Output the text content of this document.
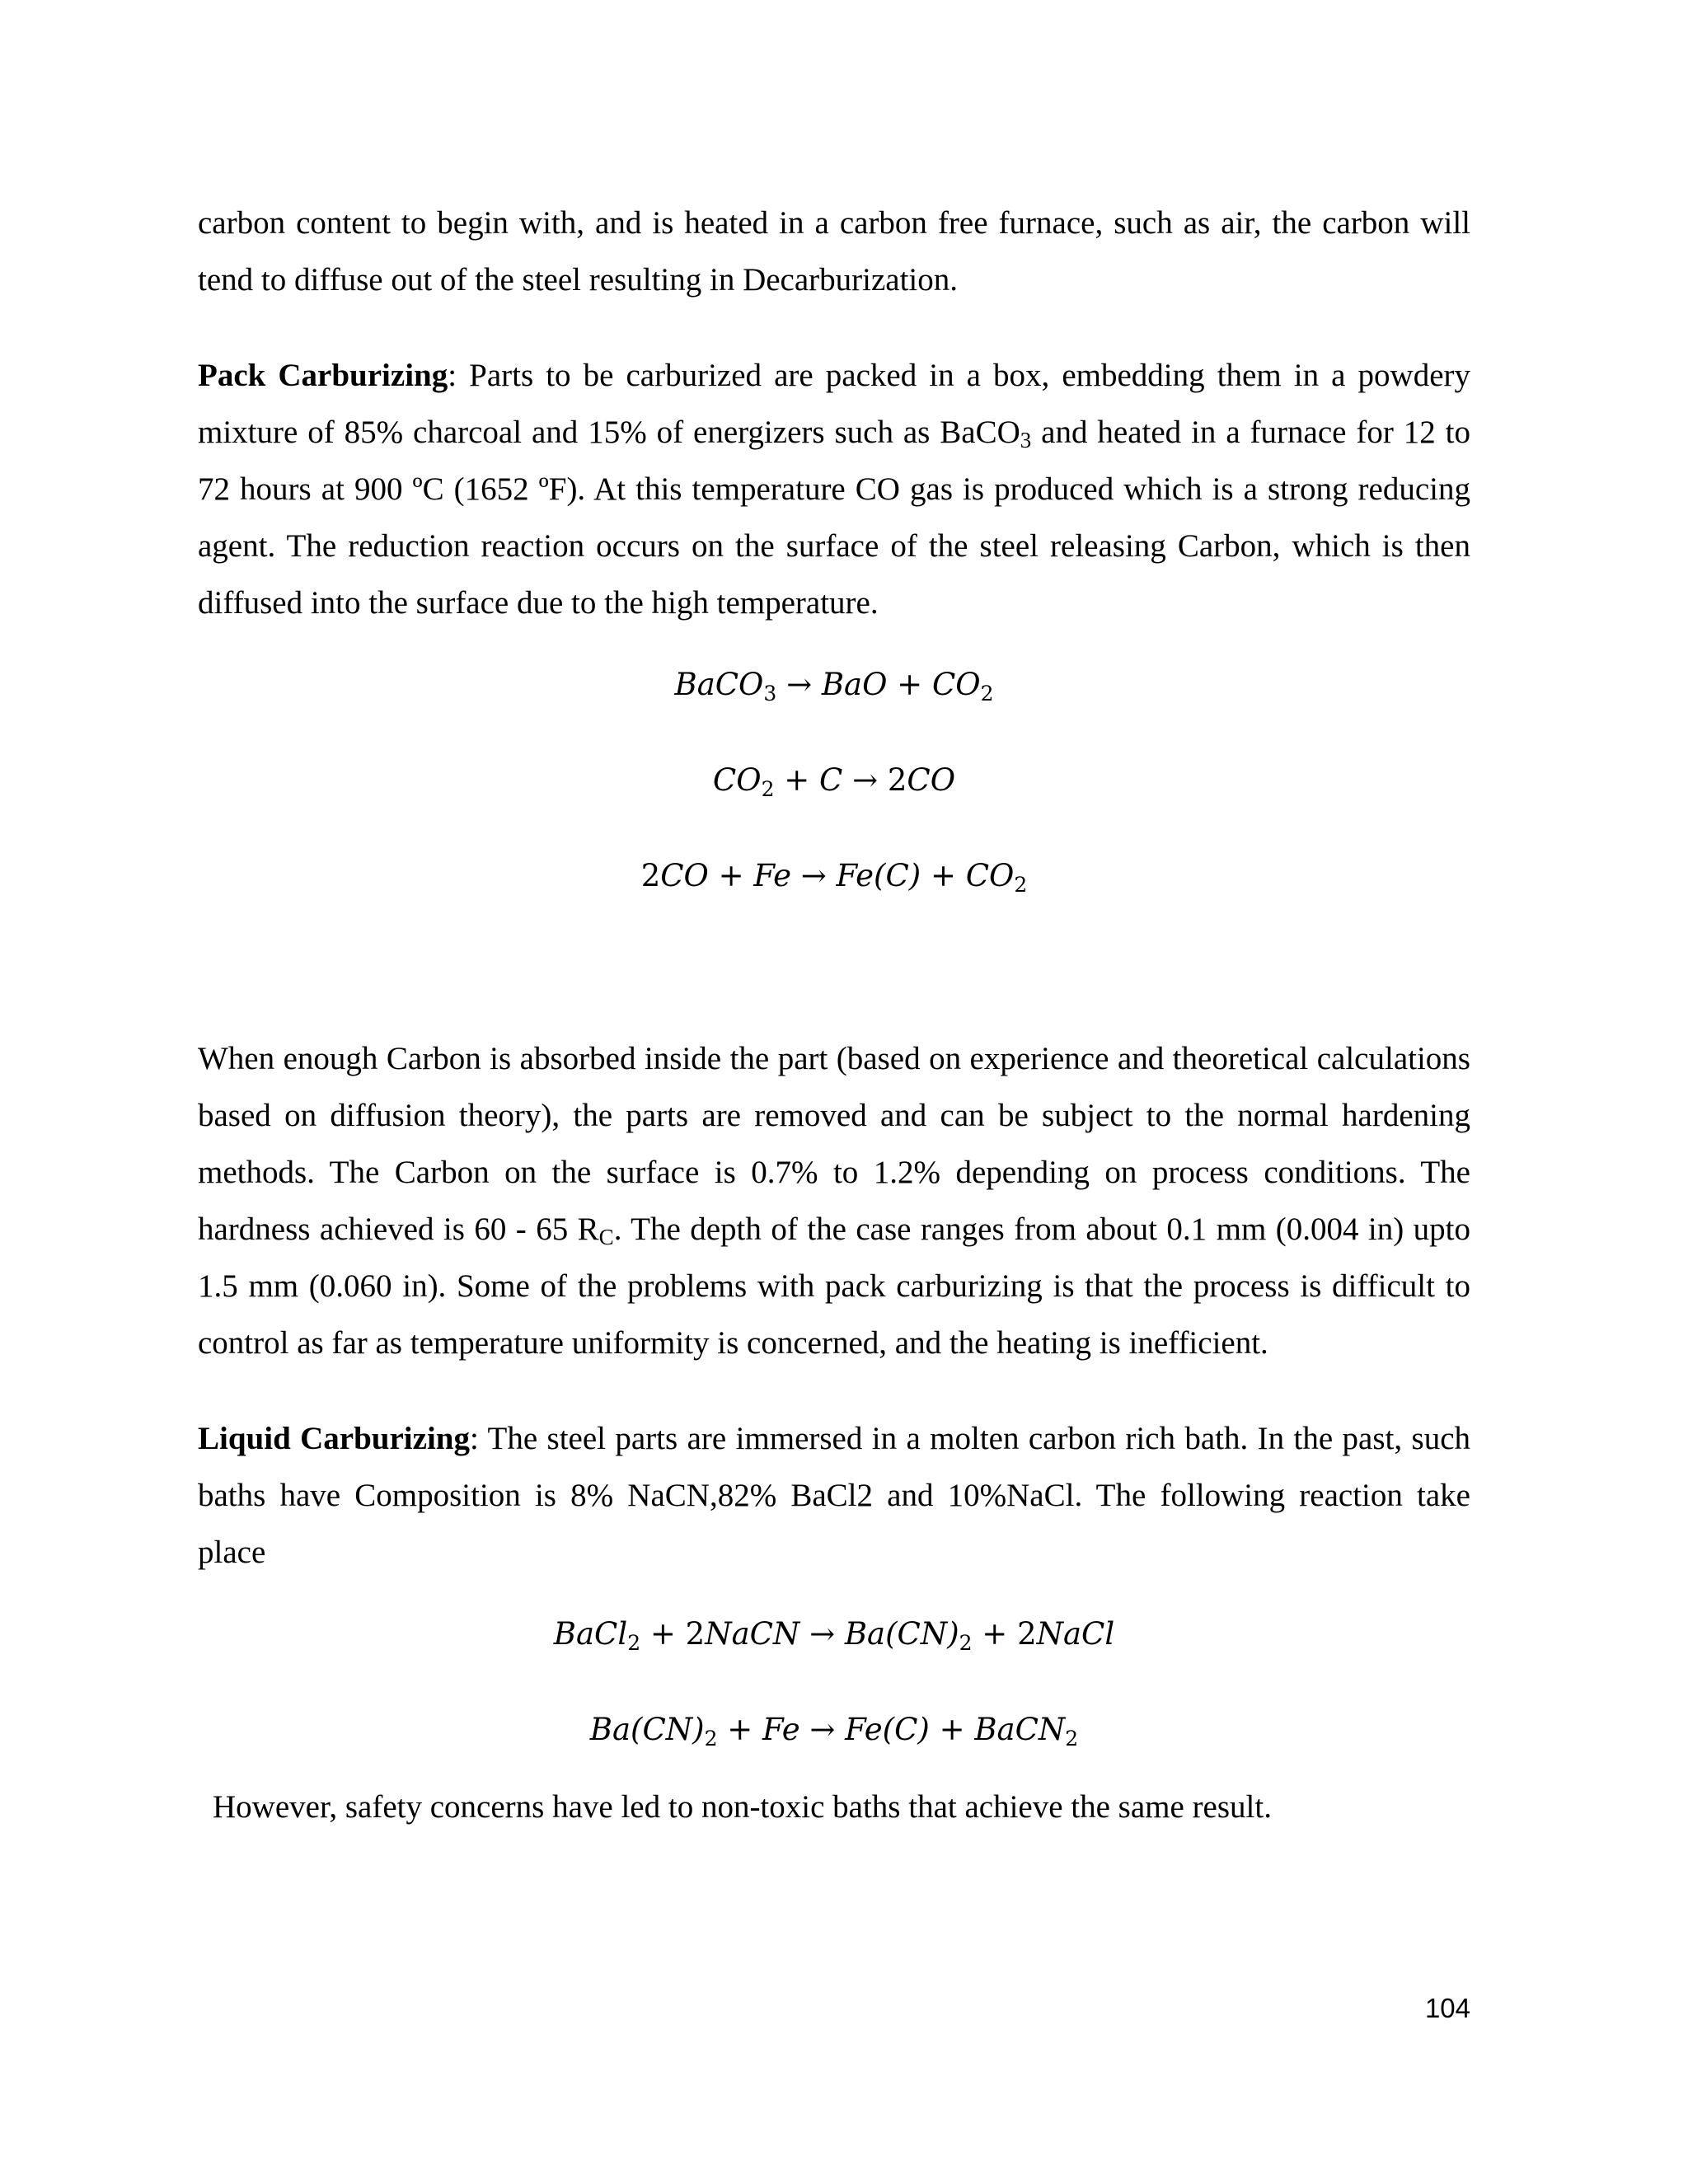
carbon content to begin with, and is heated in a carbon free furnace, such as air, the carbon will tend to diffuse out of the steel resulting in Decarburization.

Pack Carburizing: Parts to be carburized are packed in a box, embedding them in a powdery mixture of 85% charcoal and 15% of energizers such as BaCO$_3$ and heated in a furnace for 12 to 72 hours at 900 ºC (1652 ºF). At this temperature CO gas is produced which is a strong reducing agent. The reduction reaction occurs on the surface of the steel releasing Carbon, which is then diffused into the surface due to the high temperature.

BaCO$_3$ → BaO + $CO_2$
$CO_2 + C \to 2CO$
$2CO + Fe \to Fe(C) + CO_2$

When enough Carbon is absorbed inside the part (based on experience and theoretical calculations based on diffusion theory), the parts are removed and can be subject to the normal hardening methods. The Carbon on the surface is 0.7% to 1.2% depending on process conditions. The hardness achieved is 60 - 65 $R_C$. The depth of the case ranges from about 0.1 mm (0.004 in) upto 1.5 mm (0.060 in). Some of the problems with pack carburizing is that the process is difficult to control as far as temperature uniformity is concerned, and the heating is inefficient.

Liquid Carburizing: The steel parts are immersed in a molten carbon rich bath. In the past, such baths have Composition is 8% NaCN,82% BaCl2 and 10%NaCl. The following reaction take place

BaCl$_2$ + 2NaCN → $Ba(CN)_2$ + 2NaCl
$Ba(CN)_2 + Fe \to Fe(C)$ + BaCN$_2$

However, safety concerns have led to non-toxic baths that achieve the same result.

104
